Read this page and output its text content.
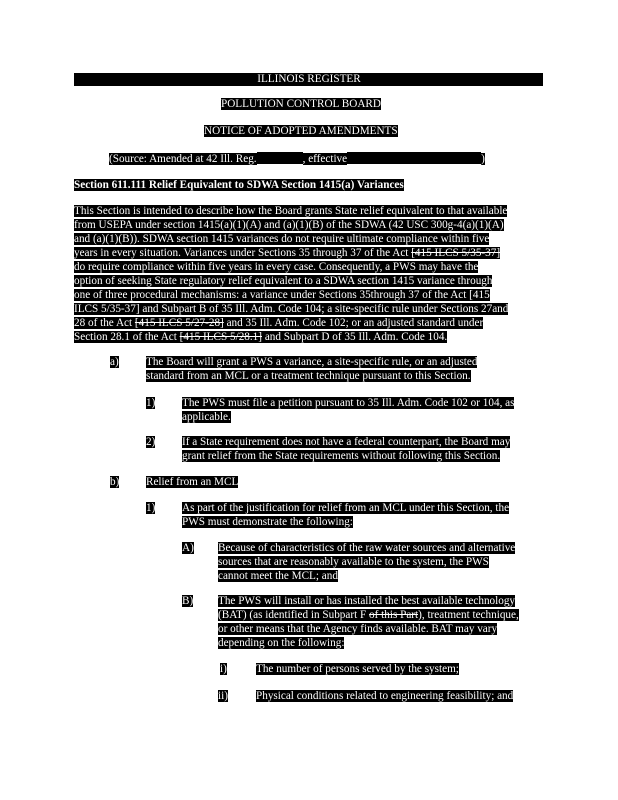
ILLINOIS REGISTER
POLLUTION CONTROL BOARD
NOTICE OF ADOPTED AMENDMENTS
(Source: Amended at 42 Ill. Reg.	, effective	)
Section 611.111 Relief Equivalent to SDWA Section 1415(a) Variances
This Section is intended to describe how the Board grants State relief equivalent to that available
from USEPA under section 1415(a)(1)(A) and (a)(1)(B) of the SDWA (42 USC 300g-4(a)(1)(A)
and (a)(1)(B)). SDWA section 1415 variances do not require ultimate compliance within five
years in every situation. Variances under Sections 35 through 37 of the Act [415 ILCS 5/35-37]
do require compliance within five years in every case. Consequently, a PWS may have the
option of seeking State regulatory relief equivalent to a SDWA section 1415 variance through
one of three procedural mechanisms: a variance under Sections 35through 37 of the Act [415
ILCS 5/35-37] and Subpart B of 35 Ill. Adm. Code 104; a site-specific rule under Sections 27and
28 of the Act [415 ILCS 5/27-28] and 35 Ill. Adm. Code 102; or an adjusted standard under
Section 28.1 of the Act [415 ILCS 5/28.1] and Subpart D of 35 Ill. Adm. Code 104.
a) The Board will grant a PWS a variance, a site-specific rule, or an adjusted
standard from an MCL or a treatment technique pursuant to this Section.
1) The PWS must file a petition pursuant to 35 Ill. Adm. Code 102 or 104, as
applicable.
2) If a State requirement does not have a federal counterpart, the Board may
grant relief from the State requirements without following this Section.
b) Relief from an MCL
1) As part of the justification for relief from an MCL under this Section, the
PWS must demonstrate the following:
A) Because of characteristics of the raw water sources and alternative
sources that are reasonably available to the system, the PWS
cannot meet the MCL; and
B) The PWS will install or has installed the best available technology
(BAT) (as identified in Subpart F of this Part), treatment technique,
or other means that the Agency finds available. BAT may vary
depending on the following:
i)	The number of persons served by the system;
ii)	Physical conditions related to engineering feasibility; and
